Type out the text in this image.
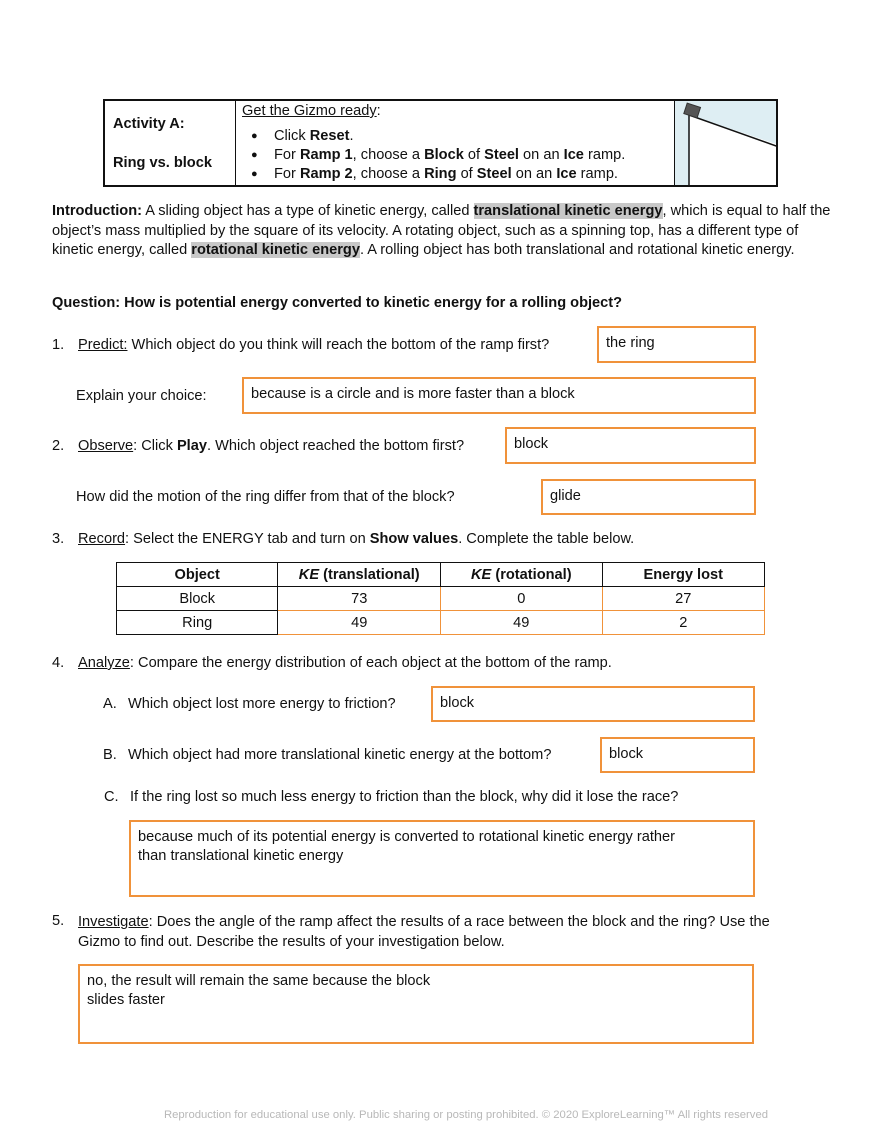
Activity A:
Ring vs. block
Get the Gizmo ready:
● Click Reset.
● For Ramp 1, choose a Block of Steel on an Ice ramp.
● For Ramp 2, choose a Ring of Steel on an Ice ramp.
Introduction: A sliding object has a type of kinetic energy, called translational kinetic energy, which is equal to half the object’s mass multiplied by the square of its velocity. A rotating object, such as a spinning top, has a different type of kinetic energy, called rotational kinetic energy. A rolling object has both translational and rotational kinetic energy.
Question: How is potential energy converted to kinetic energy for a rolling object?
1. Predict: Which object do you think will reach the bottom of the ramp first?	the ring
Explain your choice:	because is a circle and is more faster than a block
2. Observe: Click Play. Which object reached the bottom first?	block
How did the motion of the ring differ from that of the block?	glide
3. Record: Select the ENERGY tab and turn on Show values. Complete the table below.
Object	KE (translational)	KE (rotational)	Energy lost
Block	73	0	27
Ring	49	49	2
4. Analyze: Compare the energy distribution of each object at the bottom of the ramp.
A. Which object lost more energy to friction?	block
B. Which object had more translational kinetic energy at the bottom?	block
C. If the ring lost so much less energy to friction than the block, why did it lose the race?
because much of its potential energy is converted to rotational kinetic energy rather
than translational kinetic energy
5. Investigate: Does the angle of the ramp affect the results of a race between the block and the ring? Use the
Gizmo to find out. Describe the results of your investigation below.
no, the result will remain the same because the block
slides faster
Reproduction for educational use only. Public sharing or posting prohibited. © 2020 ExploreLearning™ All rights reserved
